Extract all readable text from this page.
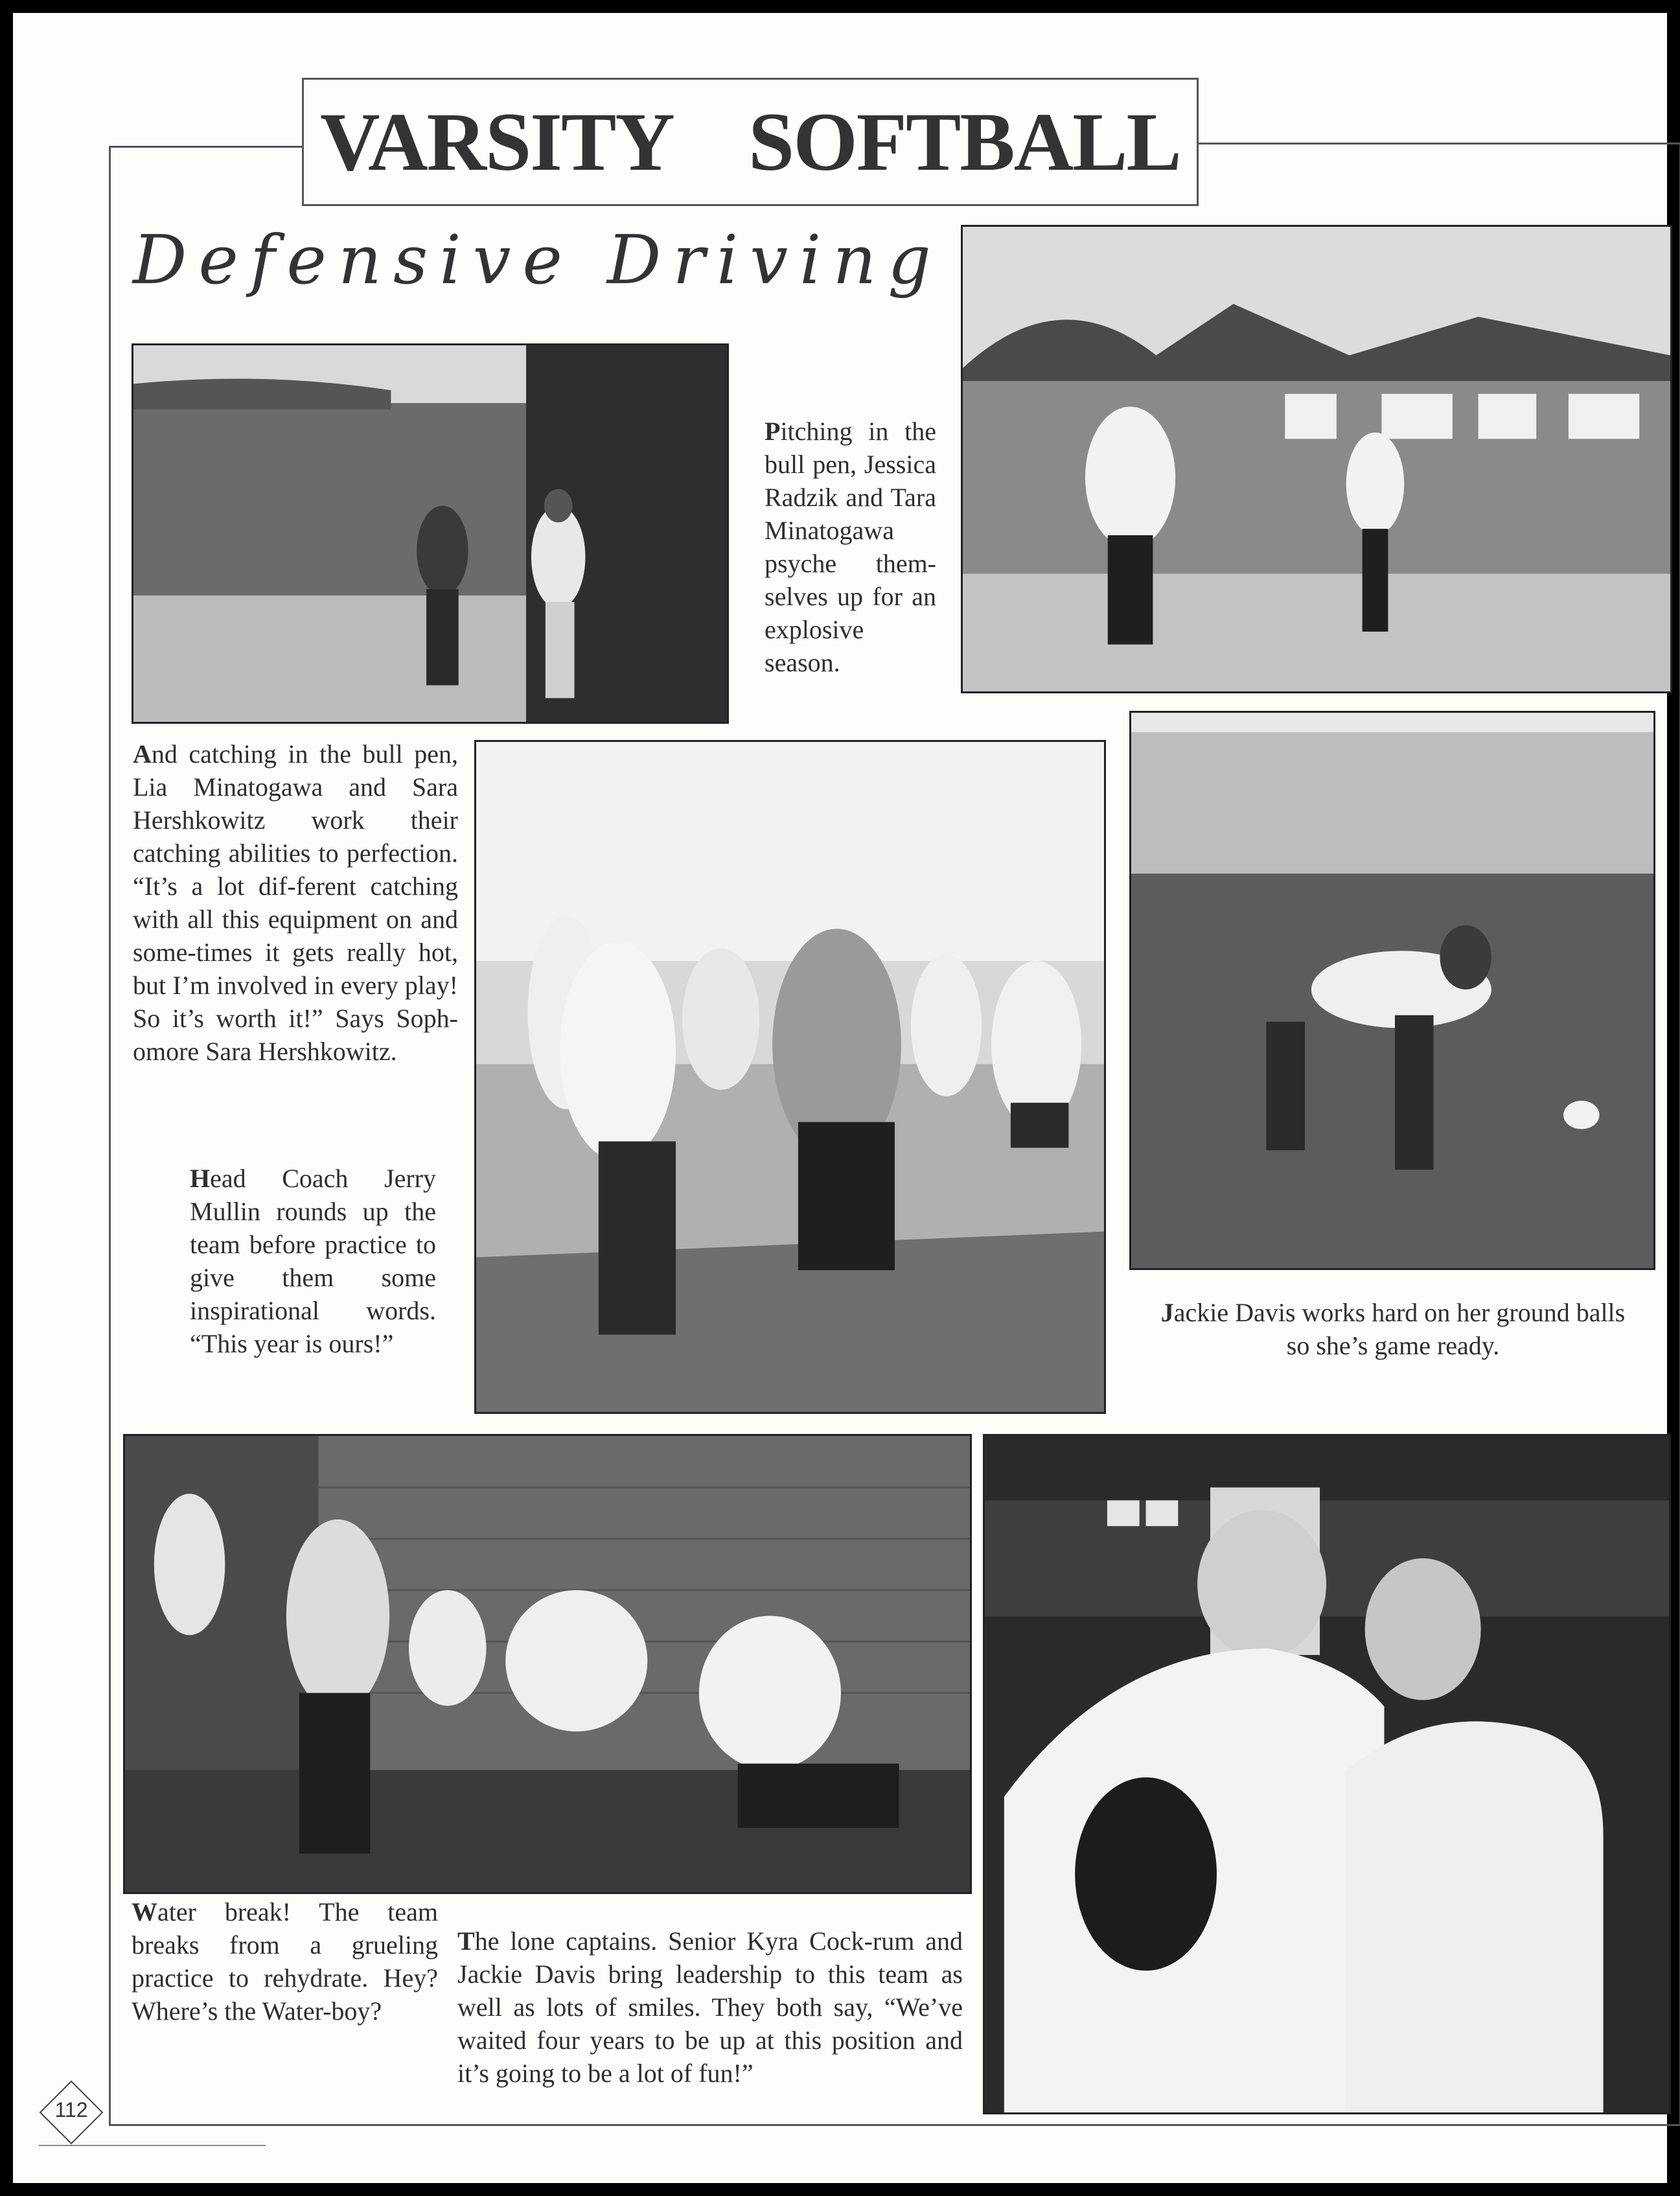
VARSITY SOFTBALL
Defensive Driving
Pitching in the bull pen, Jessica Radzik and Tara Minatogawa psyche them-selves up for an explosive season.
And catching in the bull pen, Lia Minatogawa and Sara Hershkowitz work their catching abilities to perfection. “It’s a lot dif-ferent catching with all this equipment on and some-times it gets really hot, but I’m involved in every play! So it’s worth it!” Says Soph-omore Sara Hershkowitz.
Head Coach Jerry Mullin rounds up the team before practice to give them some inspirational words. “This year is ours!”
Jackie Davis works hard on her ground balls so she’s game ready.
Water break! The team breaks from a grueling practice to rehydrate. Hey? Where’s the Water-boy?
The lone captains. Senior Kyra Cock-rum and Jackie Davis bring leadership to this team as well as lots of smiles. They both say, “We’ve waited four years to be up at this position and it’s going to be a lot of fun!”
112
